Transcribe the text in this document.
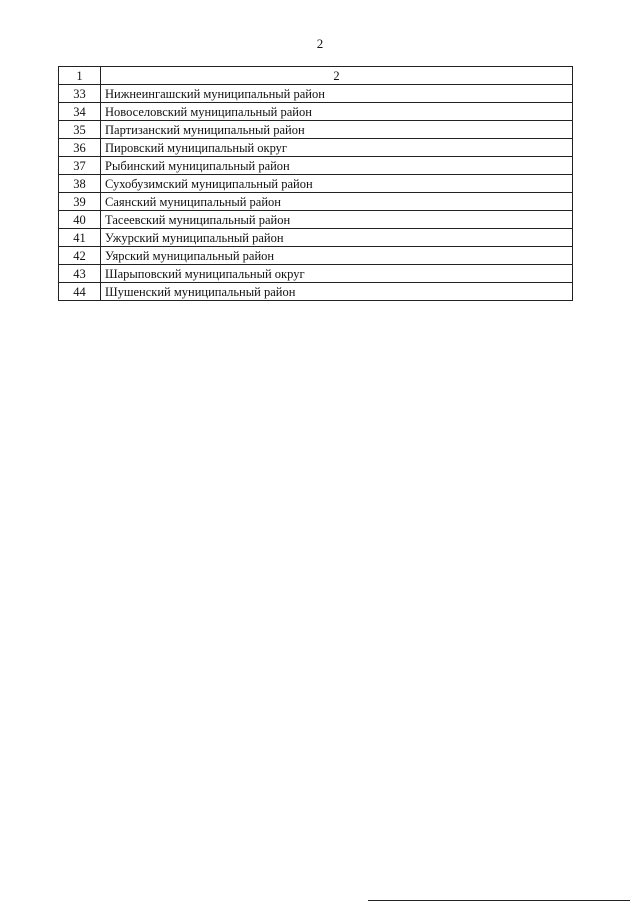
2
1	2
33	Нижнеингашский муниципальный район
34	Новоселовский муниципальный район
35	Партизанский муниципальный район
36	Пировский муниципальный округ
37	Рыбинский муниципальный район
38	Сухобузимский муниципальный район
39	Саянский муниципальный район
40	Тасеевский муниципальный район
41	Ужурский муниципальный район
42	Уярский муниципальный район
43	Шарыповский муниципальный округ
44	Шушенский муниципальный район
